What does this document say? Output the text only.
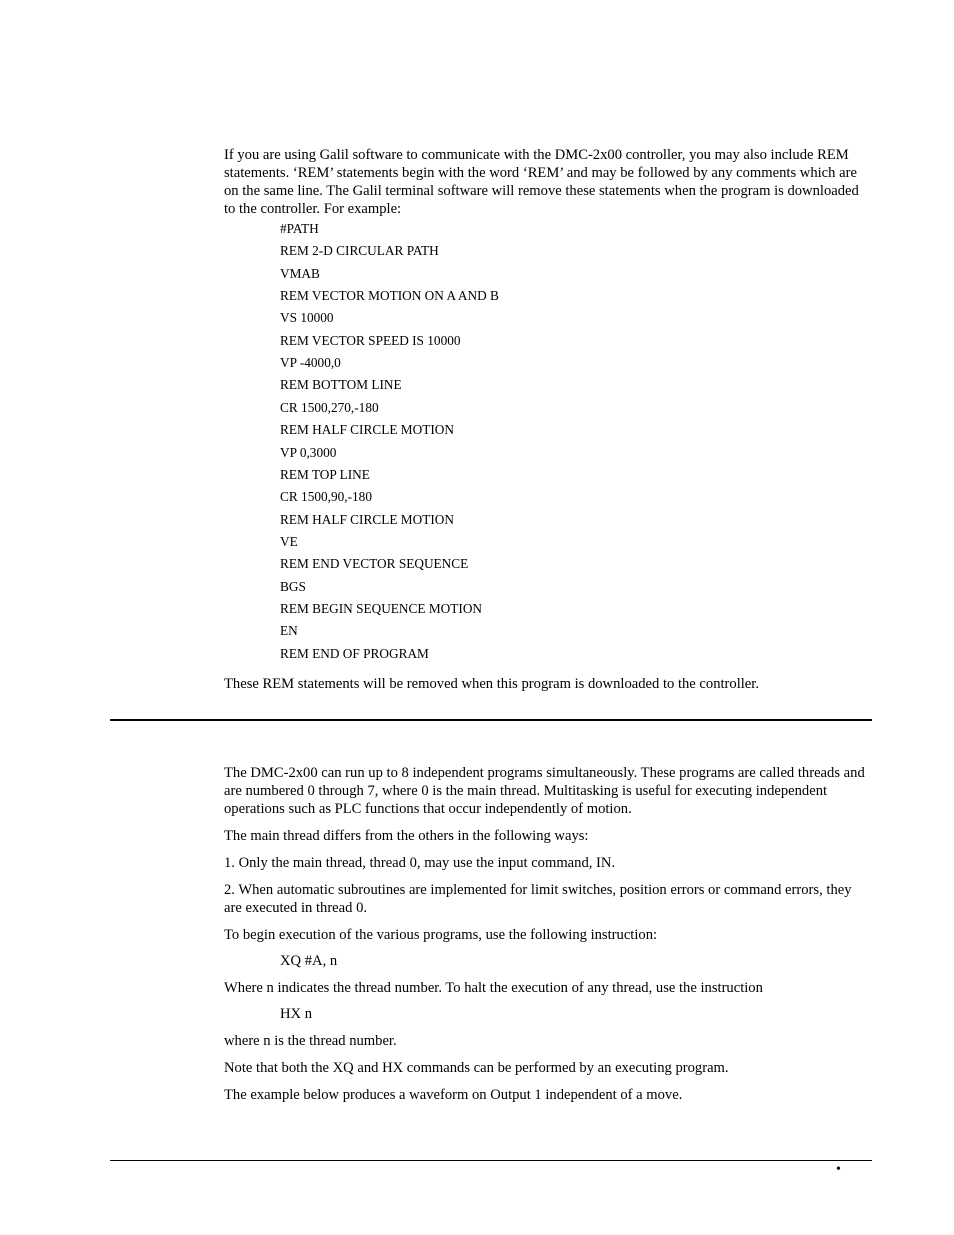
If you are using Galil software to communicate with the DMC-2x00 controller, you may also include REM statements. ‘REM’ statements begin with the word ‘REM’ and may be followed by any comments which are on the same line. The Galil terminal software will remove these statements when the program is downloaded to the controller. For example:

#PATH

REM 2-D CIRCULAR PATH

VMAB

REM VECTOR MOTION ON A AND B

VS 10000

REM VECTOR SPEED IS 10000

VP -4000,0

REM BOTTOM LINE

CR 1500,270,-180

REM HALF CIRCLE MOTION

VP 0,3000

REM TOP LINE

CR 1500,90,-180

REM HALF CIRCLE MOTION

VE

REM END VECTOR SEQUENCE

BGS

REM BEGIN SEQUENCE MOTION

EN

REM END OF PROGRAM

These REM statements will be removed when this program is downloaded to the controller.

The DMC-2x00 can run up to 8 independent programs simultaneously. These programs are called threads and are numbered 0 through 7, where 0 is the main thread. Multitasking is useful for executing independent operations such as PLC functions that occur independently of motion.

The main thread differs from the others in the following ways:

1. Only the main thread, thread 0, may use the input command, IN.

2. When automatic subroutines are implemented for limit switches, position errors or command errors, they are executed in thread 0.

To begin execution of the various programs, use the following instruction:

XQ #A, n

Where n indicates the thread number. To halt the execution of any thread, use the instruction

HX n

where n is the thread number.

Note that both the XQ and HX commands can be performed by an executing program.

The example below produces a waveform on Output 1 independent of a move.

•
